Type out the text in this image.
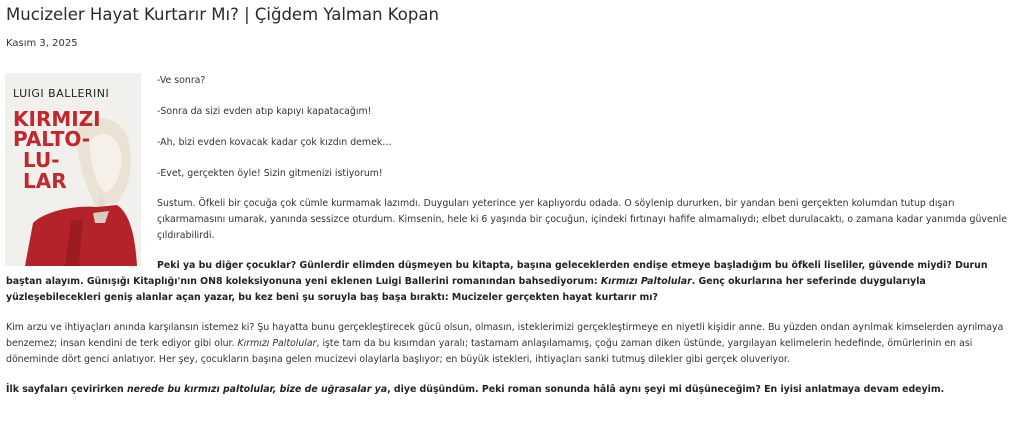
Mucizeler Hayat Kurtarır Mı? | Çiğdem Yalman Kopan
Kasım 3, 2025
LUIGI BALLERINI
KIRMIZI
PALTO-
LU-
LAR

-Ve sonra?

-Sonra da sizi evden atıp kapıyı kapatacağım!

-Ah, bizi evden kovacak kadar çok kızdın demek…

-Evet, gerçekten öyle! Sizin gitmenizi istiyorum!

Sustum. Öfkeli bir çocuğa çok cümle kurmamak lazımdı. Duyguları yeterince yer kaplıyordu odada. O söylenip dururken, bir yandan beni gerçekten kolumdan tutup dışarı çıkarmamasını umarak, yanında sessizce oturdum. Kimsenin, hele ki 6 yaşında bir çocuğun, içindeki fırtınayı hafife almamalıydı; elbet durulacaktı, o zamana kadar yanımda güvenle çıldırabilirdi.

Peki ya bu diğer çocuklar? Günlerdir elimden düşmeyen bu kitapta, başına geleceklerden endişe etmeye başladığım bu öfkeli liseliler, güvende miydi? Durun baştan alayım. Günışığı Kitaplığı'nın ON8 koleksiyonuna yeni eklenen Luigi Ballerini romanından bahsediyorum: Kırmızı Paltolular. Genç okurlarına her seferinde duygularıyla yüzleşebilecekleri geniş alanlar açan yazar, bu kez beni şu soruyla baş başa bıraktı: Mucizeler gerçekten hayat kurtarır mı?
Kim arzu ve ihtiyaçları anında karşılansın istemez ki? Şu hayatta bunu gerçekleştirecek gücü olsun, olmasın, isteklerimizi gerçekleştirmeye en niyetli kişidir anne. Bu yüzden ondan ayrılmak kimselerden ayrılmaya benzemez; insan kendini de terk ediyor gibi olur. Kırmızı Paltolular, işte tam da bu kısımdan yaralı; tastamam anlaşılamamış, çoğu zaman diken üstünde, yargılayan kelimelerin hedefinde, ömürlerinin en asi döneminde dört genci anlatıyor. Her şey, çocukların başına gelen mucizevi olaylarla başlıyor; en büyük istekleri, ihtiyaçları sanki tutmuş dilekler gibi gerçek oluveriyor.
İlk sayfaları çevirirken nerede bu kırmızı paltolular, bize de uğrasalar ya, diye düşündüm. Peki roman sonunda hâlâ aynı şeyi mi düşüneceğim? En iyisi anlatmaya devam edeyim.
